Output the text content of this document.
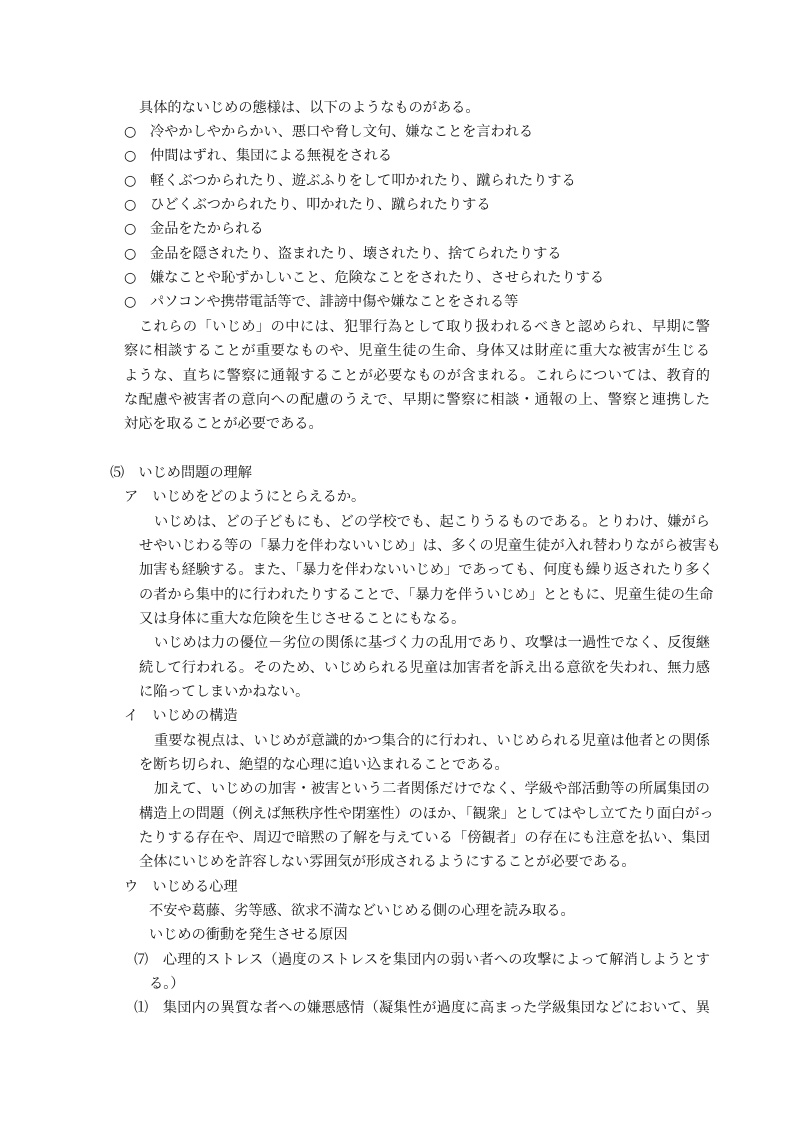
具体的ないじめの態様は、以下のようなものがある。
○ 冷やかしやからかい、悪口や脅し文句、嫌なことを言われる
○ 仲間はずれ、集団による無視をされる
○ 軽くぶつかられたり、遊ぶふりをして叩かれたり、蹴られたりする
○ ひどくぶつかられたり、叩かれたり、蹴られたりする
○ 金品をたかられる
○ 金品を隠されたり、盗まれたり、壊されたり、捨てられたりする
○ 嫌なことや恥ずかしいこと、危険なことをされたり、させられたりする
○ パソコンや携帯電話等で、誹謗中傷や嫌なことをされる等
これらの「いじめ」の中には、犯罪行為として取り扱われるべきと認められ、早期に警
察に相談することが重要なものや、児童生徒の生命、身体又は財産に重大な被害が生じる
ような、直ちに警察に通報することが必要なものが含まれる。これらについては、教育的
な配慮や被害者の意向への配慮のうえで、早期に警察に相談・通報の上、警察と連携した
対応を取ることが必要である。
⑸　いじめ問題の理解
ア　いじめをどのようにとらえるか。
いじめは、どの子どもにも、どの学校でも、起こりうるものである。とりわけ、嫌がら
せやいじわる等の「暴力を伴わないいじめ」は、多くの児童生徒が入れ替わりながら被害も
加害も経験する。また、「暴力を伴わないいじめ」であっても、何度も繰り返されたり多く
の者から集中的に行われたりすることで、「暴力を伴ういじめ」とともに、児童生徒の生命
又は身体に重大な危険を生じさせることにもなる。
いじめは力の優位－劣位の関係に基づく力の乱用であり、攻撃は一過性でなく、反復継
続して行われる。そのため、いじめられる児童は加害者を訴え出る意欲を失われ、無力感
に陥ってしまいかねない。
イ　いじめの構造
重要な視点は、いじめが意識的かつ集合的に行われ、いじめられる児童は他者との関係
を断ち切られ、絶望的な心理に追い込まれることである。
加えて、いじめの加害・被害という二者関係だけでなく、学級や部活動等の所属集団の
構造上の問題（例えば無秩序性や閉塞性）のほか、「観衆」としてはやし立てたり面白がっ
たりする存在や、周辺で暗黙の了解を与えている「傍観者」の存在にも注意を払い、集団
全体にいじめを許容しない雰囲気が形成されるようにすることが必要である。
ウ　いじめる心理
不安や葛藤、劣等感、欲求不満などいじめる側の心理を読み取る。
いじめの衝動を発生させる原因
⑺　心理的ストレス（過度のストレスを集団内の弱い者への攻撃によって解消しようとす
る。）
⑴　集団内の異質な者への嫌悪感情（凝集性が過度に高まった学級集団などにおいて、異
